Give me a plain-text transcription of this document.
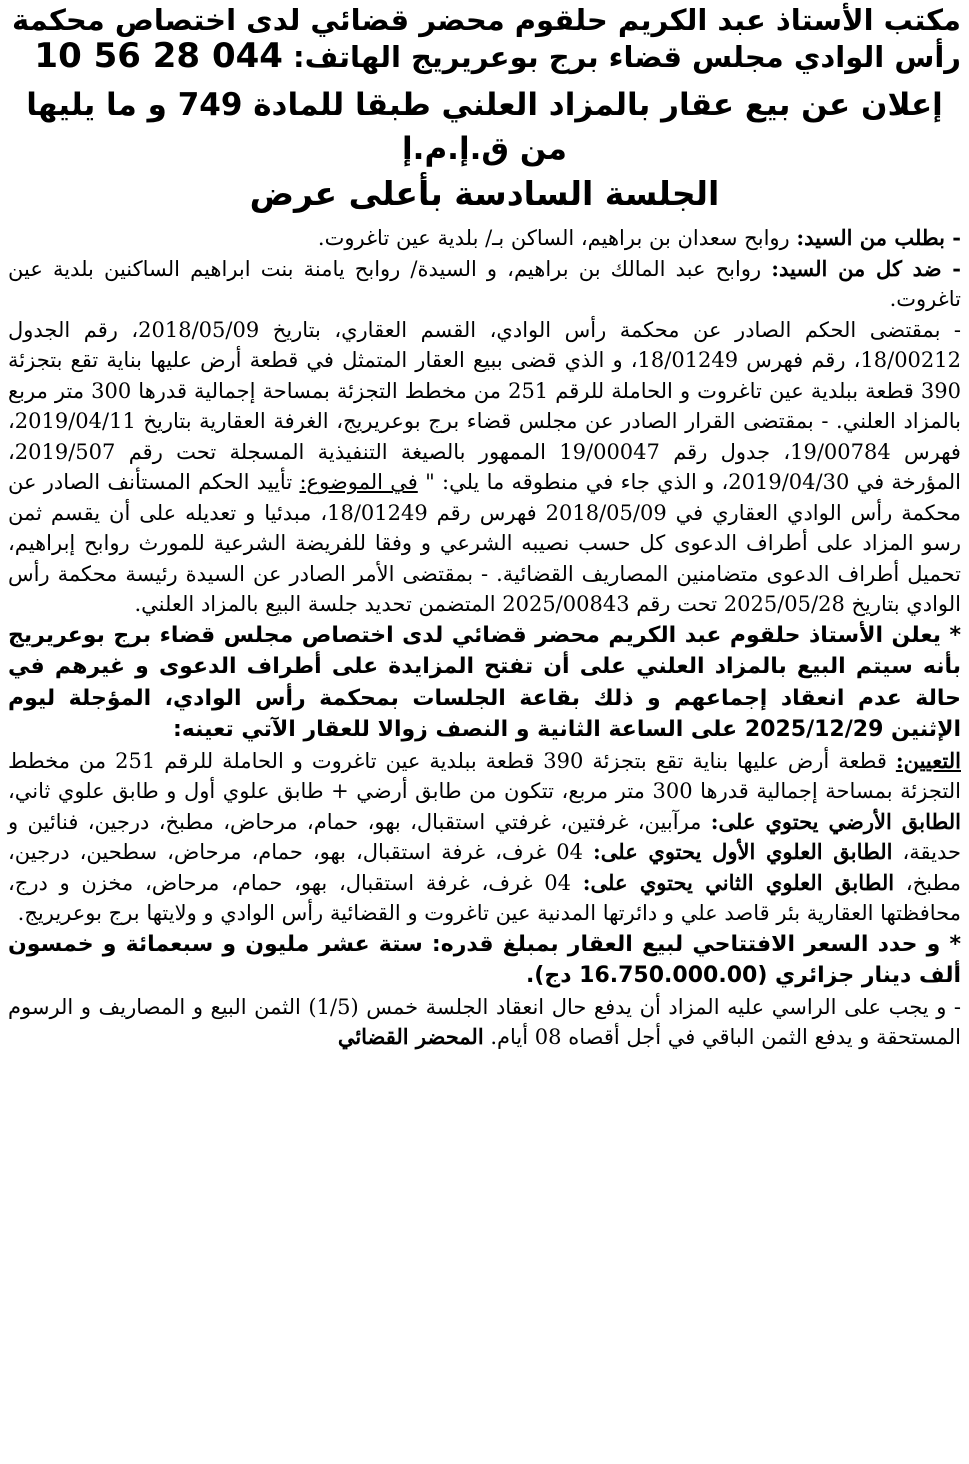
مكتب الأستاذ عبد الكريم حلقوم محضر قضائي لدى اختصاص محكمة رأس الوادي مجلس قضاء برج بوعريريج الهاتف: 044 28 56 10

إعلان عن بيع عقار بالمزاد العلني طبقا للمادة 749 و ما يليها من ق.إ.م.إ
الجلسة السادسة بأعلى عرض

- بطلب من السيد: روابح سعدان بن براهيم، الساكن بـ/ بلدية عين تاغروت.

- ضد كل من السيد: روابح عبد المالك بن براهيم، و السيدة/ روابح يامنة بنت ابراهيم الساكنين بلدية عين تاغروت.

- بمقتضى الحكم الصادر عن محكمة رأس الوادي، القسم العقاري، بتاريخ 2018/05/09، رقم الجدول 18/00212، رقم فهرس 18/01249، و الذي قضى ببيع العقار المتمثل في قطعة أرض عليها بناية تقع بتجزئة 390 قطعة ببلدية عين تاغروت و الحاملة للرقم 251 من مخطط التجزئة بمساحة إجمالية قدرها 300 متر مربع بالمزاد العلني. - بمقتضى القرار الصادر عن مجلس قضاء برج بوعريريج، الغرفة العقارية بتاريخ 2019/04/11، فهرس 19/00784، جدول رقم 19/00047 الممهور بالصيغة التنفيذية المسجلة تحت رقم 2019/507، المؤرخة في 2019/04/30، و الذي جاء في منطوقه ما يلي: " في الموضوع: تأييد الحكم المستأنف الصادر عن محكمة رأس الوادي العقاري في 2018/05/09 فهرس رقم 18/01249، مبدئيا و تعديله على أن يقسم ثمن رسو المزاد على أطراف الدعوى كل حسب نصيبه الشرعي و وفقا للفريضة الشرعية للمورث روابح إبراهيم، تحميل أطراف الدعوى متضامنين المصاريف القضائية. - بمقتضى الأمر الصادر عن السيدة رئيسة محكمة رأس الوادي بتاريخ 2025/05/28 تحت رقم 2025/00843 المتضمن تحديد جلسة البيع بالمزاد العلني.

* يعلن الأستاذ حلقوم عبد الكريم محضر قضائي لدى اختصاص مجلس قضاء برج بوعريريج بأنه سيتم البيع بالمزاد العلني على أن تفتح المزايدة على أطراف الدعوى و غيرهم في حالة عدم انعقاد إجماعهم و ذلك بقاعة الجلسات بمحكمة رأس الوادي، المؤجلة ليوم الإثنين 2025/12/29 على الساعة الثانية و النصف زوالا للعقار الآتي تعينه:

التعيين: قطعة أرض عليها بناية تقع بتجزئة 390 قطعة ببلدية عين تاغروت و الحاملة للرقم 251 من مخطط التجزئة بمساحة إجمالية قدرها 300 متر مربع، تتكون من طابق أرضي + طابق علوي أول و طابق علوي ثاني، الطابق الأرضي يحتوي على: مرآبين، غرفتين، غرفتي استقبال، بهو، حمام، مرحاض، مطبخ، درجين، فنائين و حديقة، الطابق العلوي الأول يحتوي على: 04 غرف، غرفة استقبال، بهو، حمام، مرحاض، سطحين، درجين، مطبخ، الطابق العلوي الثاني يحتوي على: 04 غرف، غرفة استقبال، بهو، حمام، مرحاض، مخزن و درج، محافظتها العقارية بئر قاصد علي و دائرتها المدنية عين تاغروت و القضائية رأس الوادي و ولايتها برج بوعريريج.

* و حدد السعر الافتتاحي لبيع العقار بمبلغ قدره: ستة عشر مليون و سبعمائة و خمسون ألف دينار جزائري (16.750.000.00 دج).

- و يجب على الراسي عليه المزاد أن يدفع حال انعقاد الجلسة خمس (1/5) الثمن البيع و المصاريف و الرسوم المستحقة و يدفع الثمن الباقي في أجل أقصاه 08 أيام. المحضر القضائي
